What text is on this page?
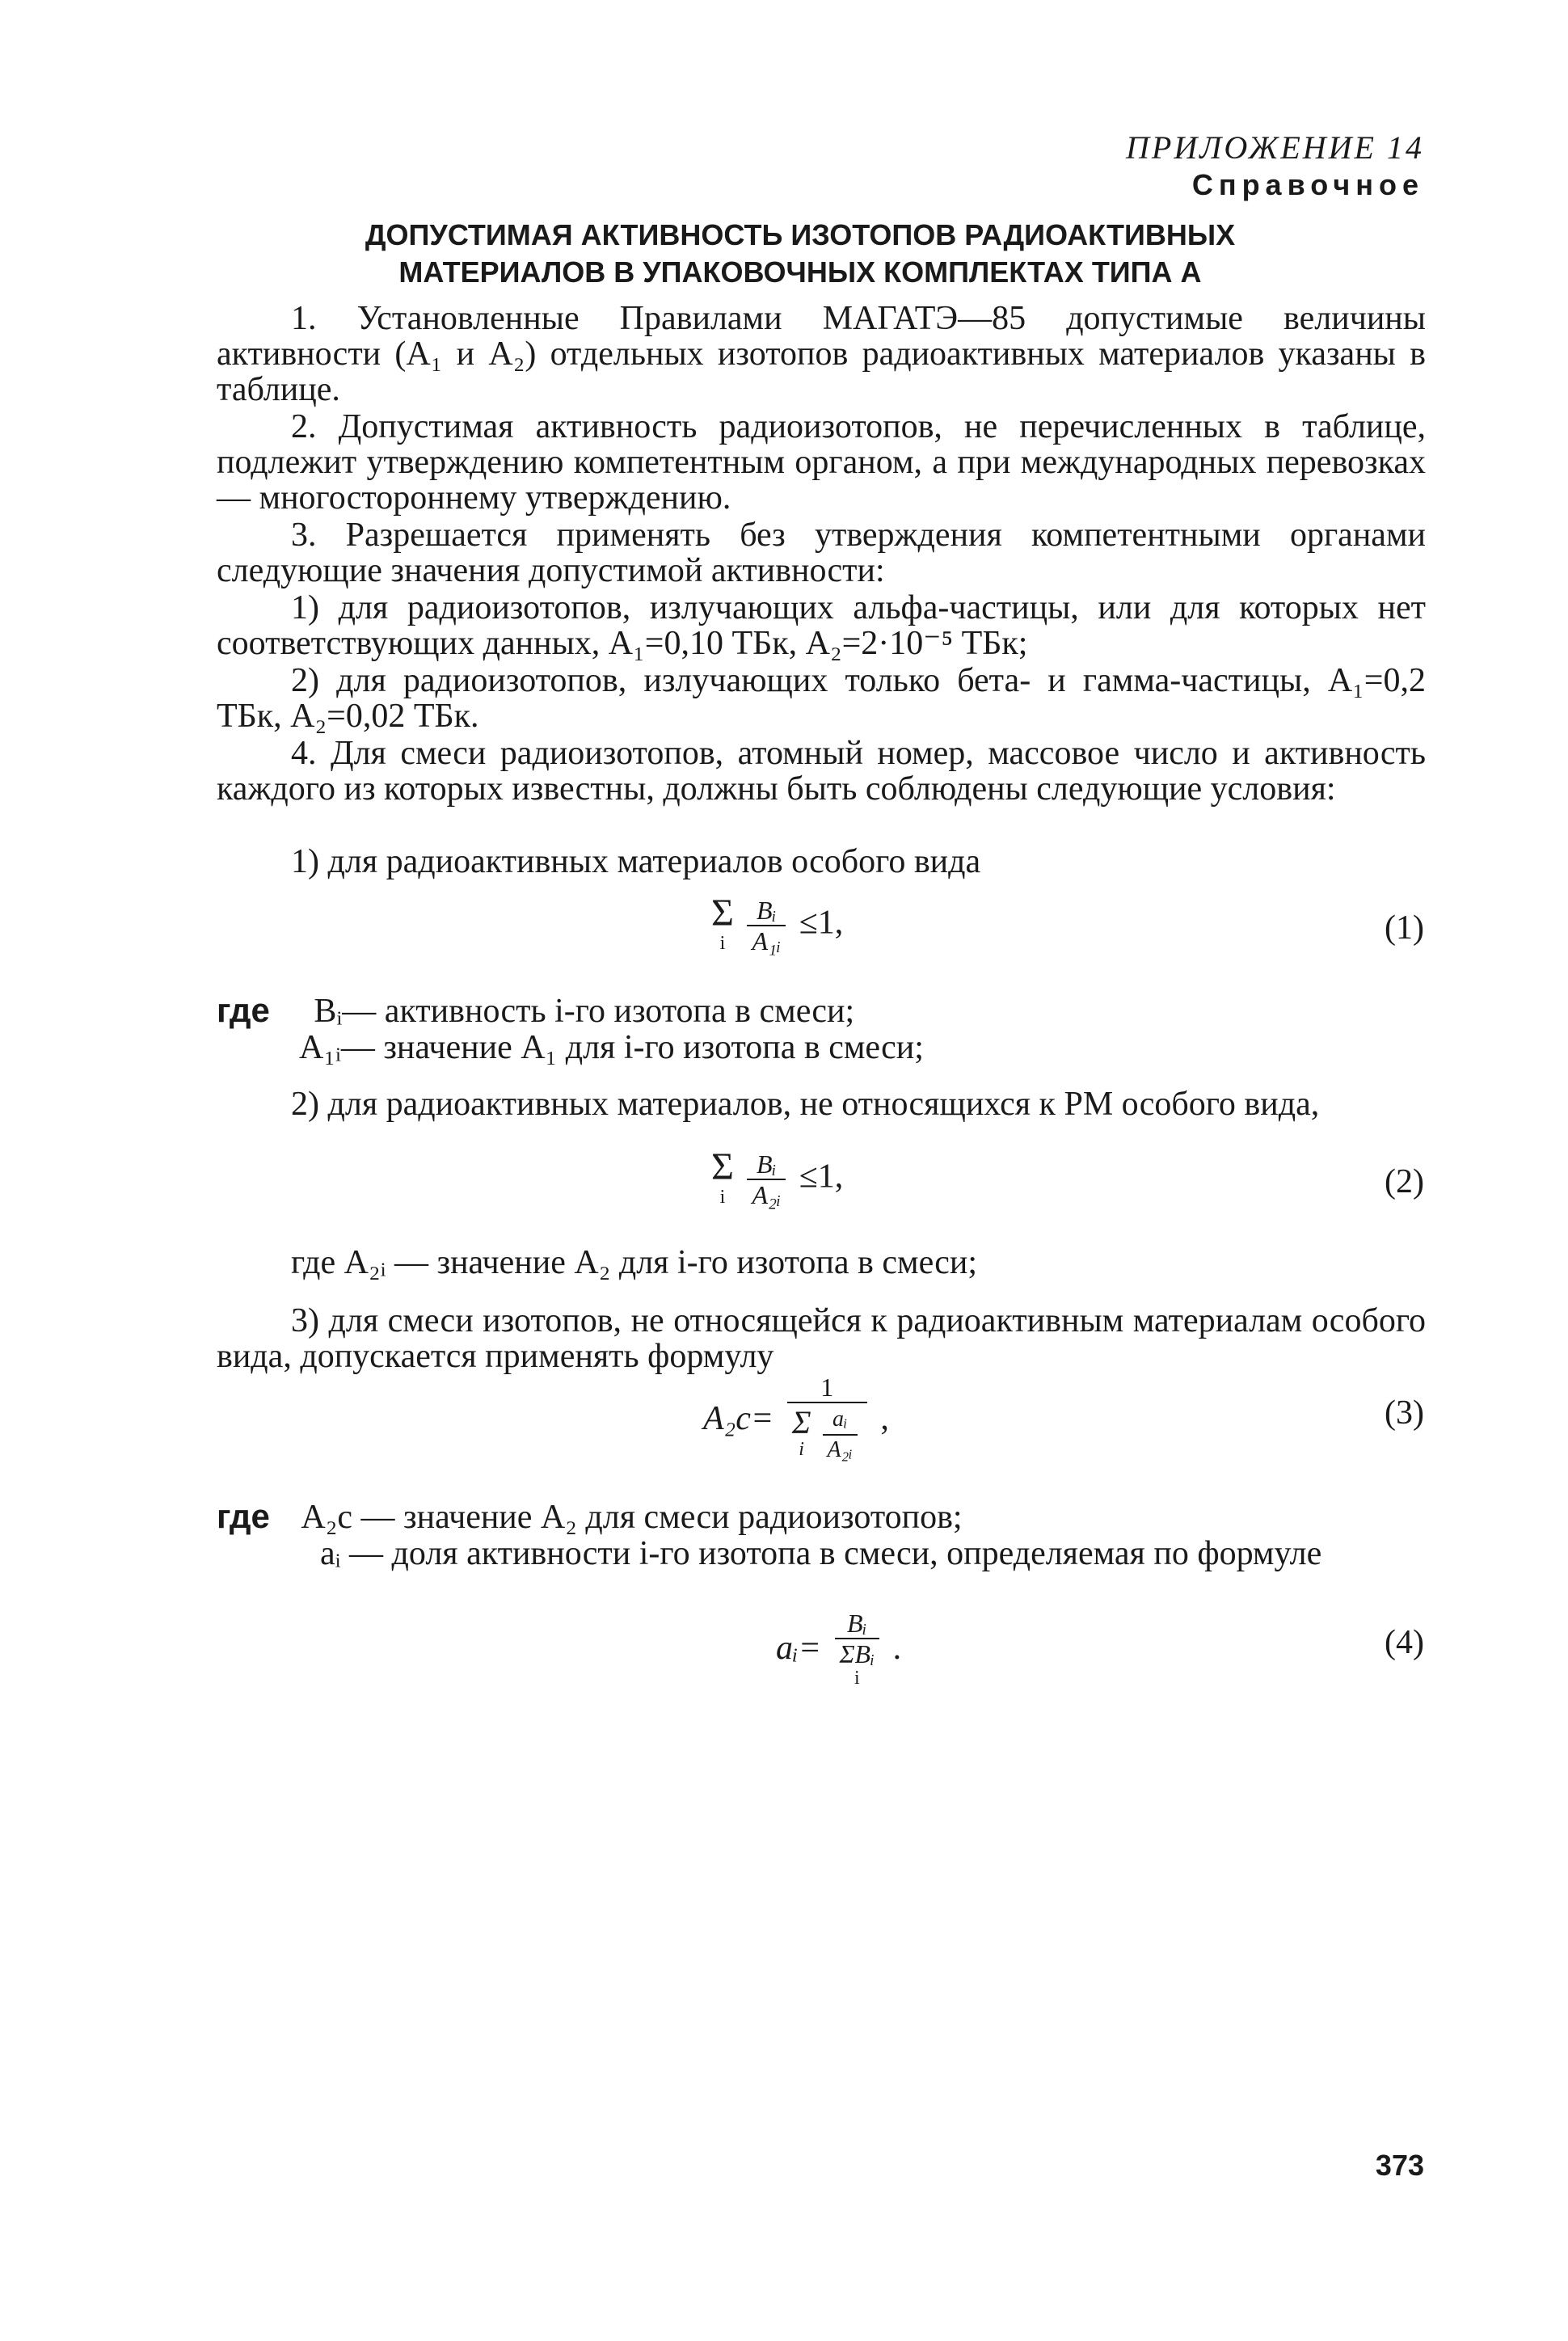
ПРИЛОЖЕНИЕ 14
Справочное
ДОПУСТИМАЯ АКТИВНОСТЬ ИЗОТОПОВ РАДИОАКТИВНЫХ
МАТЕРИАЛОВ В УПАКОВОЧНЫХ КОМПЛЕКТАХ ТИПА А
1. Установленные Правилами МАГАТЭ—85 допустимые величины активности (A₁ и A₂) отдельных изотопов радиоактивных материалов указаны в таблице.
2. Допустимая активность радиоизотопов, не перечисленных в таблице, подлежит утверждению компетентным органом, а при международных перевозках — многостороннему утверждению.
3. Разрешается применять без утверждения компетентными органами следующие значения допустимой активности:
1) для радиоизотопов, излучающих альфа-частицы, или для которых нет соответствующих данных, A₁=0,10 ТБк, A₂=2·10⁻⁵ ТБк;
2) для радиоизотопов, излучающих только бета- и гамма-частицы, A₁=0,2 ТБк, A₂=0,02 ТБк.
4. Для смеси радиоизотопов, атомный номер, массовое число и активность каждого из которых известны, должны быть соблюдены следующие условия:
1) для радиоактивных материалов особого вида
Σ
i
$\frac{\text{Bᵢ}}{\text{A₁ᵢ}} \le 1$,	(1)
где Bᵢ— активность i-го изотопа в смеси;
A₁ᵢ— значение A₁ для i-го изотопа в смеси;
2) для радиоактивных материалов, не относящихся к РМ особого вида,
Σ
i
$\frac{\text{Bᵢ}}{\text{A₂ᵢ}} \le 1$,	(2)
где A₂ᵢ — значение A₂ для i-го изотопа в смеси;
3) для смеси изотопов, не относящейся к радиоактивным материалам особого вида, допускается применять формулу
A₂c= 1
Σ
i
$\frac{\text{aᵢ}}{\text{A₂ᵢ}}$ ,	(3)
где A₂c — значение A₂ для смеси радиоизотопов;
aᵢ — доля активности i-го изотопа в смеси, определяемая по формуле
aᵢ=
Bᵢ
ΣBᵢ
i
.	(4)
373
